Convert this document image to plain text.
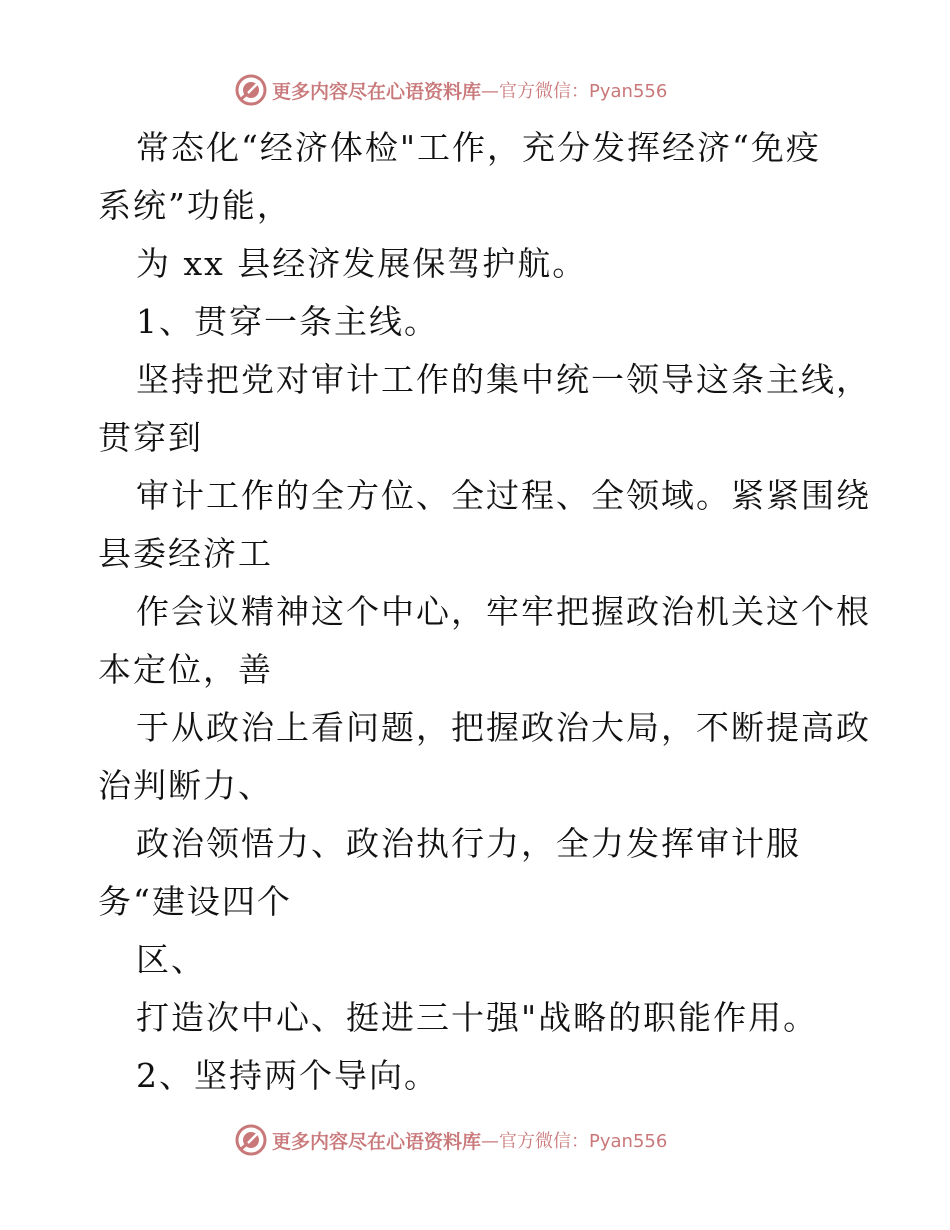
更多内容尽在心语资料库 —官方微信：Pyan556
常态化“经济体检"工作，充分发挥经济“免疫
系统”功能，
为 xx 县经济发展保驾护航。
1、贯穿一条主线。
坚持把党对审计工作的集中统一领导这条主线，
贯穿到
审计工作的全方位、全过程、全领域。紧紧围绕
县委经济工
作会议精神这个中心，牢牢把握政治机关这个根
本定位，善
于从政治上看问题，把握政治大局，不断提高政
治判断力、
政治领悟力、政治执行力，全力发挥审计服
务“建设四个
区、
打造次中心、挺进三十强"战略的职能作用。
2、坚持两个导向。
更多内容尽在心语资料库 —官方微信：Pyan556
